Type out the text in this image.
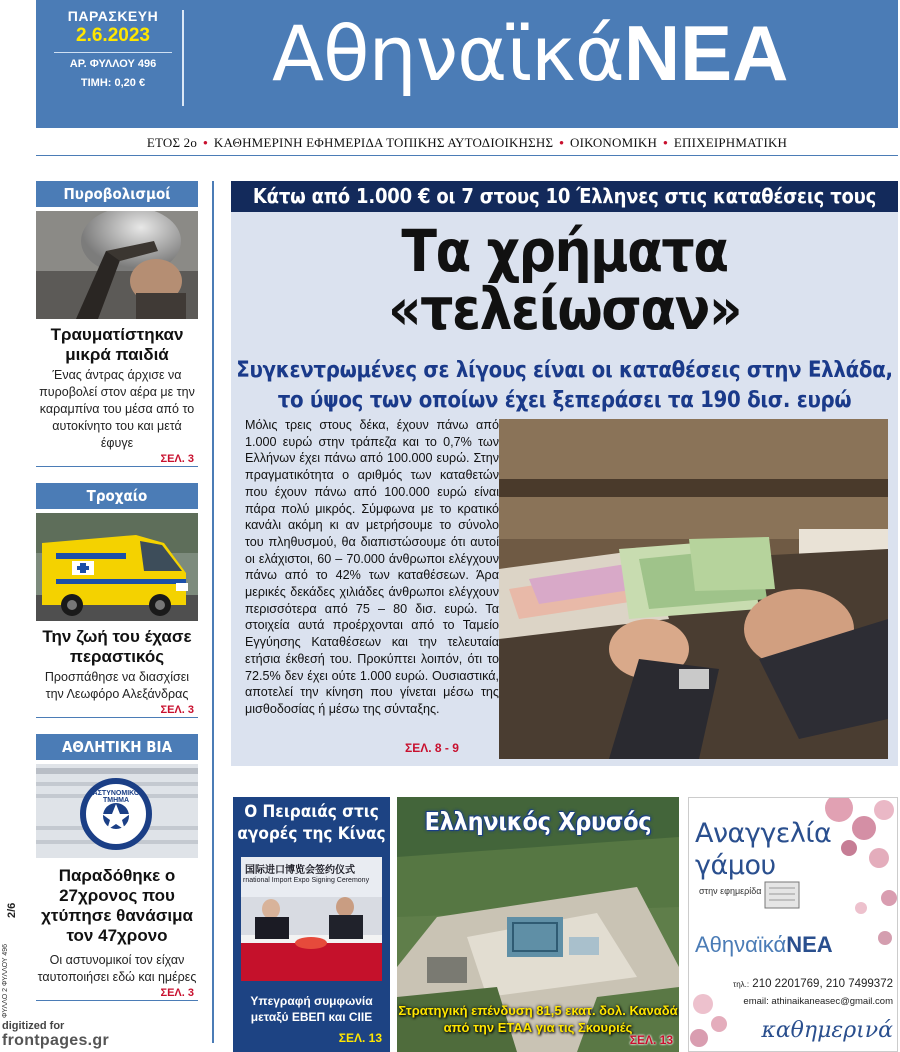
ΠΑΡΑΣΚΕΥΗ
2.6.2023
ΑΡ. ΦΥΛΛΟΥ 496
ΤΙΜΗ: 0,20 €	ΑθηναϊκάΝΕΑ
ΕΤΟΣ 2ο • ΚΑΘΗΜΕΡΙΝΗ ΕΦΗΜΕΡΙΔΑ ΤΟΠΙΚΗΣ ΑΥΤΟΔΙΟΙΚΗΣΗΣ • ΟΙΚΟΝΟΜΙΚΗ • ΕΠΙΧΕΙΡΗΜΑΤΙΚΗ
Πυροβολισμοί
Τραυματίστηκαν μικρά παιδιά
Ένας άντρας άρχισε να πυροβολεί στον αέρα με την καραμπίνα του μέσα από το αυτοκίνητο του και μετά έφυγε
ΣΕΛ. 3
Τροχαίο
Την ζωή του έχασε περαστικός
Προσπάθησε να διασχίσει την Λεωφόρο Αλεξάνδρας
ΣΕΛ. 3
ΑΘΛΗΤΙΚΗ ΒΙΑ
ΑΣΤΥΝΟΜΙΚΟ ΤΜΗΜΑ
Παραδόθηκε ο 27χρονος που χτύπησε θανάσιμα τον 47χρονο
Οι αστυνομικοί τον είχαν ταυτοποιήσει εδώ και ημέρες
ΣΕΛ. 3
Κάτω από 1.000 € οι 7 στους 10 Έλληνες στις καταθέσεις τους
Τα χρήματα «τελείωσαν»
Συγκεντρωμένες σε λίγους είναι οι καταθέσεις στην Ελλάδα,
το ύψος των οποίων έχει ξεπεράσει τα 190 δισ. ευρώ
Μόλις τρεις στους δέκα, έχουν πάνω από 1.000 ευρώ στην τράπεζα και το 0,7% των Ελλήνων έχει πάνω από 100.000 ευρώ. Στην πραγματικότητα ο αριθμός των καταθετών που έχουν πάνω από 100.000 ευρώ είναι πάρα πολύ μικρός. Σύμφωνα με το κρατικό κανάλι ακόμη κι αν μετρήσουμε το σύνολο του πληθυσμού, θα διαπιστώσουμε ότι αυτοί οι ελάχιστοι, 60 – 70.000 άνθρωποι ελέγχουν πάνω από το 42% των καταθέσεων. Άρα μερικές δεκάδες χιλιάδες άνθρωποι ελέγχουν περισσότερα από 75 – 80 δισ. ευρώ. Τα στοιχεία αυτά προέρχονται από το Ταμείο Εγγύησης Καταθέσεων και την τελευταία ετήσια έκθεσή του. Προκύπτει λοιπόν, ότι το 72.5% δεν έχει ούτε 1.000 ευρώ. Ουσιαστικά, αποτελεί την κίνηση που γίνεται μέσω της μισθοδοσίας ή μέσω της σύνταξης.
ΣΕΛ. 8 - 9
Ο Πειραιάς στις αγορές της Κίνας
国际进口博览会签约仪式
rnational Import Expo Signing Ceremony
Υπεγραφή συμφωνία μεταξύ ΕΒΕΠ και CIIE
ΣΕΛ. 13
Ελληνικός Χρυσός
Στρατηγική επένδυση 81,5 εκατ. δολ. Καναδά από την ΕΤΑΑ για τις Σκουριές
ΣΕΛ. 13
Αναγγελία
γάμου
στην εφημερίδα
ΑθηναϊκάΝΕΑ
τηλ.: 210 2201769, 210 7499372
email: athinaikaneasec@gmail.com
καθημερινά
2/6
ΦΥΛΛΟ 2 ΦΥΛΛΟΥ 496
digitized for
frontpages.gr
